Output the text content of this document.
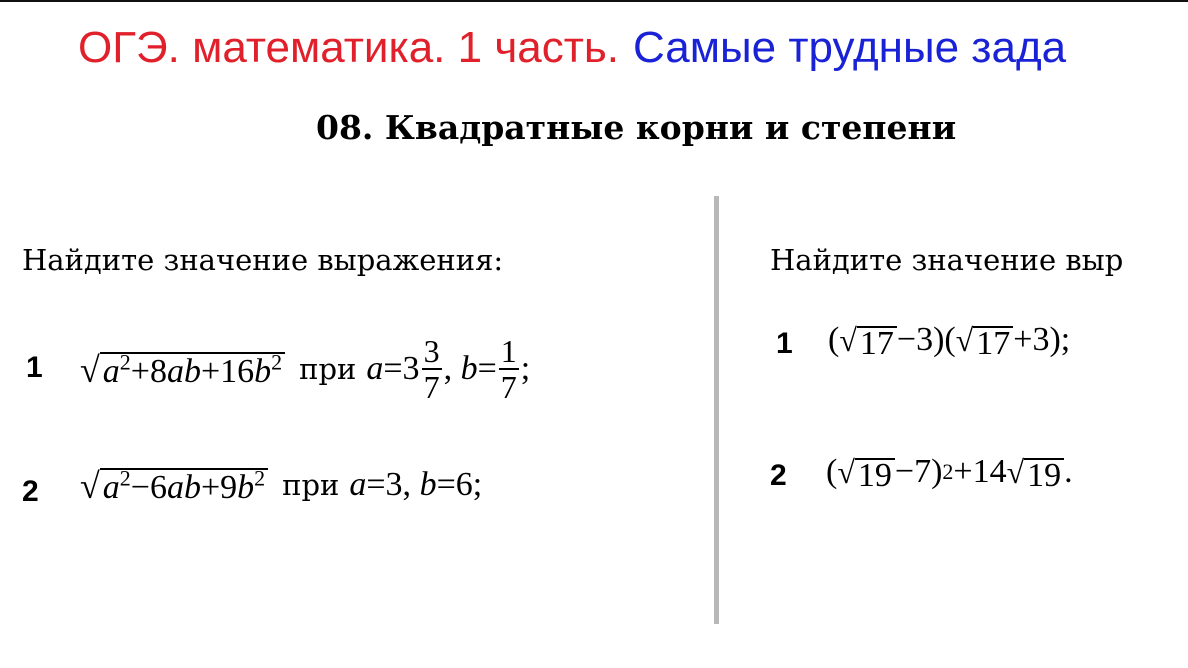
ОГЭ. математика. 1 часть. Самые трудные зада
08. Квадратные корни и степени
Найдите значение выражения:	Найдите значение выр
1 √ $a^2+8ab+16b^2$ при $a =3 \frac{3}{7}$ , $b = \frac{1}{7}$ ;
2 √ $a^2-6ab+9b^2$ при a =3,
b =6 ;
1 ( √ 17 −3)( √ 17 +3) ;
2 ( √ 19 −7) 2 +14 √ 19 .
